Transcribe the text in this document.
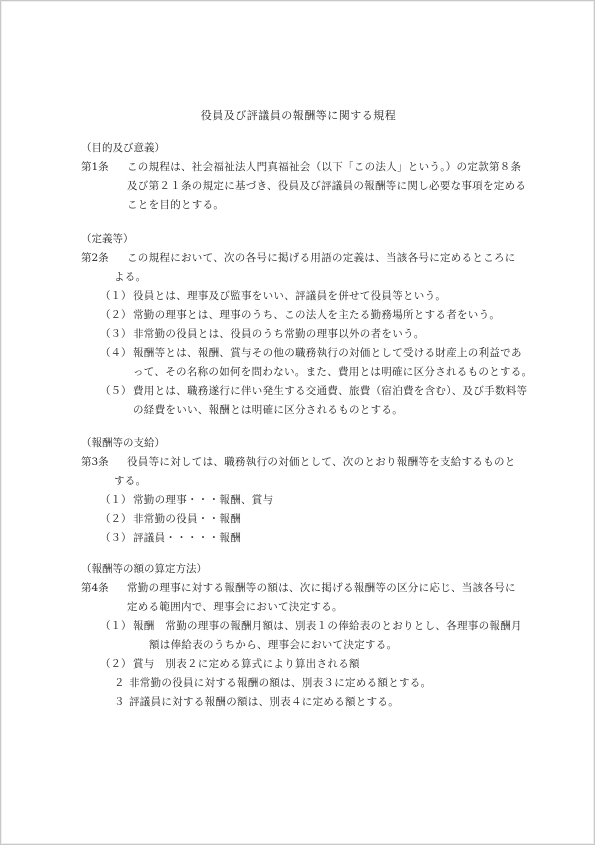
役員及び評議員の報酬等に関する規程
（目的及び意義）
第1条 この規程は、社会福祉法人門真福祉会（以下「この法人」という。）の定款第８条
及び第２１条の規定に基づき、役員及び評議員の報酬等に関し必要な事項を定める
ことを目的とする。
（定義等）
第2条 この規程において、次の各号に掲げる用語の定義は、当該各号に定めるところに
よる。
（１） 役員とは、理事及び監事をいい、評議員を併せて役員等という。
（２） 常勤の理事とは、理事のうち、この法人を主たる勤務場所とする者をいう。
（３） 非常勤の役員とは、役員のうち常勤の理事以外の者をいう。
（４） 報酬等とは、報酬、賞与その他の職務執行の対価として受ける財産上の利益であ
って、その名称の如何を問わない。また、費用とは明確に区分されるものとする。
（５） 費用とは、職務遂行に伴い発生する交通費、旅費（宿泊費を含む）、及び手数料等
の経費をいい、報酬とは明確に区分されるものとする。
（報酬等の支給）
第3条 役員等に対しては、職務執行の対価として、次のとおり報酬等を支給するものと
する。
（１） 常勤の理事・・・報酬、賞与
（２） 非常勤の役員・・報酬
（３） 評議員・・・・・報酬
（報酬等の額の算定方法）
第4条 常勤の理事に対する報酬等の額は、次に掲げる報酬等の区分に応じ、当該各号に
定める範囲内で、理事会において決定する。
（１） 報酬　常勤の理事の報酬月額は、別表１の俸給表のとおりとし、各理事の報酬月
額は俸給表のうちから、理事会において決定する。
（２） 賞与　別表２に定める算式により算出される額
２ 非常勤の役員に対する報酬の額は、別表３に定める額とする。
３ 評議員に対する報酬の額は、別表４に定める額とする。
